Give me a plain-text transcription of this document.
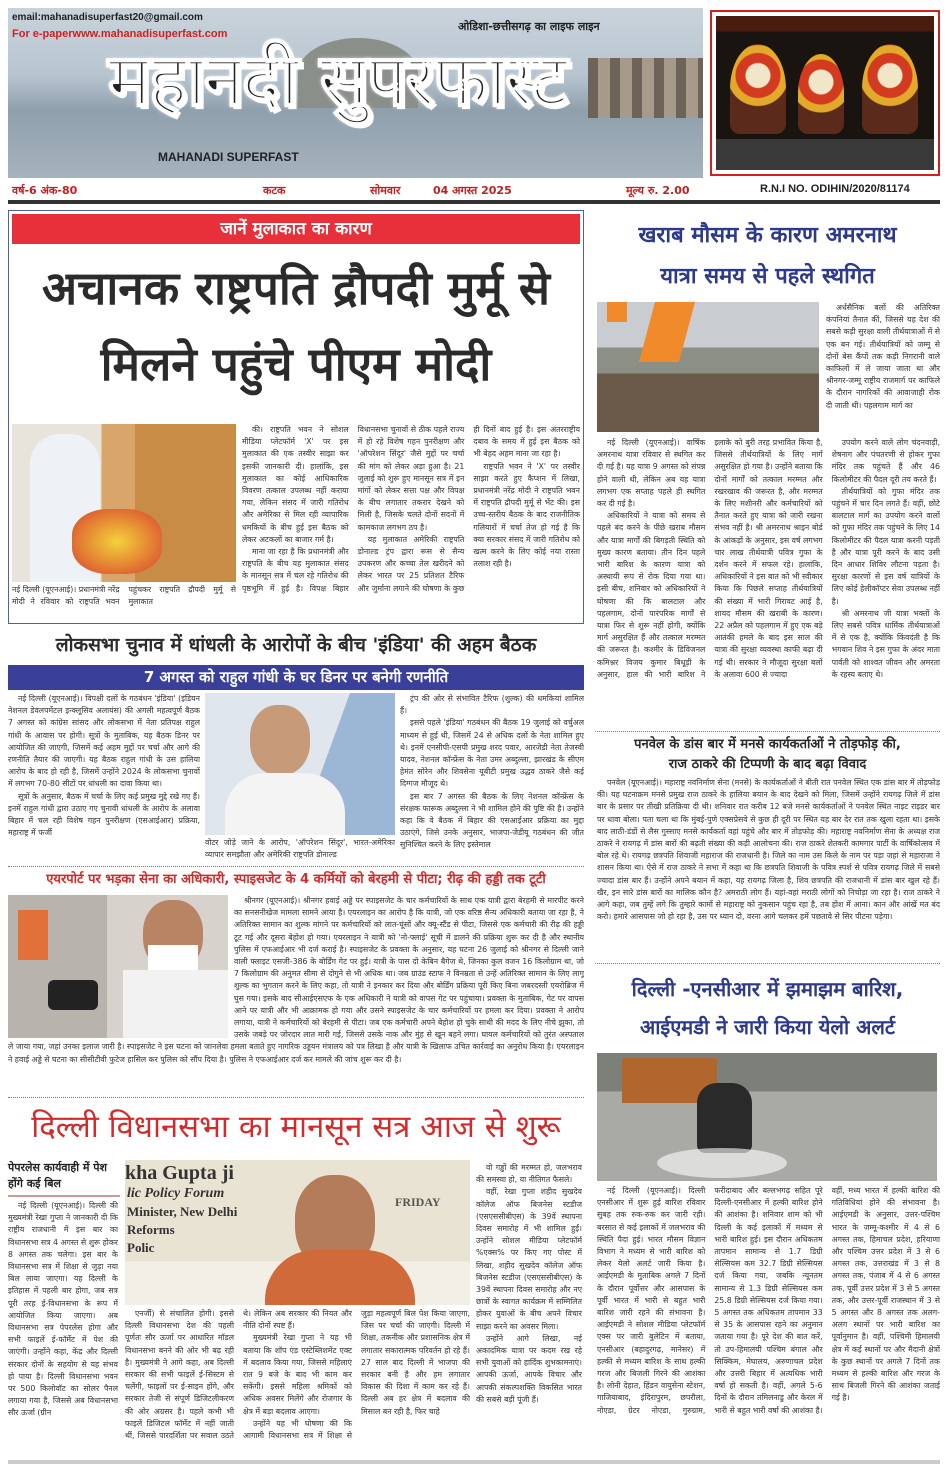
email:mahanadisuperfast20@gmail.com
For e-paperwww.mahanadisuperfast.com
ओडिशा-छत्तीसगढ़ का लाइफ लाइन
महानदी सुपरफास्ट
MAHANADI SUPERFAST
वर्ष-6 अंक-80	कटक	सोमवार	04 अगस्त 2025	मूल्य रु. 2.00	R.N.I NO. ODIHIN/2020/81174
जानें मुलाकात का कारण
अचानक राष्ट्रपति द्रौपदी मुर्मू से
मिलने पहुंचे पीएम मोदी
नई दिल्ली (यूएनआई)। प्रधानमंत्री नरेंद्र मोदी ने रविवार को राष्ट्रपति भवन पहुंचकर राष्ट्रपति द्रौपदी मुर्मू से मुलाकात

की। राष्ट्रपति भवन ने सोशल मीडिया प्लेटफॉर्म 'X' पर इस मुलाकात की एक तस्वीर साझा कर इसकी जानकारी दी। हालांकि, इस मुलाकात का कोई आधिकारिक विवरण तत्काल उपलब्ध नहीं कराया गया, लेकिन संसद में जारी गतिरोध और अमेरिका से मिल रही व्यापारिक धमकियों के बीच हुई इस बैठक को लेकर अटकलों का बाजार गर्म है।

माना जा रहा है कि प्रधानमंत्री और राष्ट्रपति के बीच यह मुलाकात संसद के मानसून सत्र में चल रहे गतिरोध की पृष्ठभूमि में हुई है। विपक्ष बिहार विधानसभा चुनावों से ठीक पहले राज्य में हो रहे विशेष गहन पुनरीक्षण और 'ऑपरेशन सिंदूर' जैसे मुद्दों पर चर्चा की मांग को लेकर अड़ा हुआ है। 21 जुलाई को शुरू हुए मानसून सत्र में इन मांगों को लेकर सत्ता पक्ष और विपक्ष के बीच लगातार तकरार देखने को मिली है, जिसके चलते दोनों सदनों में कामकाज लगभग ठप है।

यह मुलाकात अमेरिकी राष्ट्रपति डोनाल्ड ट्रंप द्वारा रूस से सैन्य उपकरण और कच्चा तेल खरीदने को लेकर भारत पर 25 प्रतिशत टैरिफ और जुर्माना लगाने की घोषणा के कुछ ही दिनों बाद हुई है। इस अंतरराष्ट्रीय दबाव के समय में हुई इस बैठक को भी बेहद अहम माना जा रहा है।

राष्ट्रपति भवन ने 'X' पर तस्वीर साझा करते हुए कैप्शन में लिखा, प्रधानमंत्री नरेंद्र मोदी ने राष्ट्रपति भवन में राष्ट्रपति द्रौपदी मुर्मू से भेंट की। इस उच्च-स्तरीय बैठक के बाद राजनीतिक गलियारों में चर्चा तेज हो गई है कि क्या सरकार संसद में जारी गतिरोध को खत्म करने के लिए कोई नया रास्ता तलाश रही है।

लोकसभा चुनाव में धांधली के आरोपों के बीच 'इंडिया' की अहम बैठक
7 अगस्त को राहुल गांधी के घर डिनर पर बनेगी रणनीति

नई दिल्ली (यूएनआई)। विपक्षी दलों के गठबंधन 'इंडिया' (इंडियन नेशनल डेवलपमेंटल इन्क्लूसिव अलायंस) की अगली महत्वपूर्ण बैठक 7 अगस्त को कांग्रेस सांसद और लोकसभा में नेता प्रतिपक्ष राहुल गांधी के आवास पर होगी। सूत्रों के मुताबिक, यह बैठक डिनर पर आयोजित की जाएगी, जिसमें कई अहम मुद्दों पर चर्चा और आगे की रणनीति तैयार की जाएगी। यह बैठक राहुल गांधी के उस हालिया आरोप के बाद हो रही है, जिसमें उन्होंने 2024 के लोकसभा चुनावों में लगभग 70-80 सीटों पर धांधली का दावा किया था।

सूत्रों के अनुसार, बैठक में चर्चा के लिए कई प्रमुख मुद्दे रखे गए हैं। इनमें राहुल गांधी द्वारा उठाए गए चुनावी धांधली के आरोप के अलावा बिहार में चल रही विशेष गहन पुनरीक्षण (एसआईआर) प्रक्रिया, महाराष्ट्र में फर्जी

वोटर जोड़े जाने के आरोप, 'ऑपरेशन सिंदूर', भारत-अमेरिका व्यापार समझौता और अमेरिकी राष्ट्रपति डोनाल्ड

ट्रंप की ओर से संभावित टैरिफ (शुल्क) की धमकियां शामिल हैं।

इससे पहले 'इंडिया' गठबंधन की बैठक 19 जुलाई को वर्चुअल माध्यम से हुई थी, जिसमें 24 से अधिक दलों के नेता शामिल हुए थे। इनमें एनसीपी-एसपी प्रमुख शरद पवार, आरजेडी नेता तेजस्वी यादव, नेशनल कॉन्फ्रेंस के नेता उमर अब्दुल्ला, झारखंड के सीएम हेमंत सोरेन और शिवसेना यूबीटी प्रमुख उद्धव ठाकरे जैसे कई दिग्गज मौजूद थे।

इस बार 7 अगस्त की बैठक के लिए नेशनल कॉन्फ्रेंस के संरक्षक फारूक अब्दुल्ला ने भी शामिल होने की पुष्टि की है। उन्होंने कहा कि वे बैठक में बिहार की एसआईआर प्रक्रिया का मुद्दा उठाएंगे, जिसे उनके अनुसार, भाजपा-जेडीयू गठबंधन की जीत सुनिश्चित करने के लिए इस्तेमाल

एयरपोर्ट पर भड़का सेना का अधिकारी, स्पाइसजेट के 4 कर्मियों को बेरहमी से पीटा; रीढ़ की हड्डी तक टूटी

श्रीनगर (यूएनआई)। श्रीनगर हवाई अड्डे पर स्पाइसजेट के चार कर्मचारियों के साथ एक यात्री द्वारा बेरहमी से मारपीट करने का सनसनीखेज मामला सामने आया है। एयरलाइन का आरोप है कि यात्री, जो एक वरिष्ठ सैन्य अधिकारी बताया जा रहा है, ने अतिरिक्त सामान का शुल्क मांगने पर कर्मचारियों को लात-घूंसों और क्यू-स्टैंड से पीटा, जिससे एक कर्मचारी की रीढ़ की हड्डी टूट गई और दूसरा बेहोश हो गया। एयरलाइन ने यात्री को 'नो-फ्लाई' सूची में डालने की प्रक्रिया शुरू कर दी है और स्थानीय पुलिस में एफआईआर भी दर्ज कराई है। स्पाइसजेट के प्रवक्ता के अनुसार, यह घटना 26 जुलाई को श्रीनगर से दिल्ली जाने वाली फ्लाइट एसजी-386 के बोर्डिंग गेट पर हुई। यात्री के पास दो केबिन बैगेज थे, जिनका कुल वजन 16 किलोग्राम था, जो 7 किलोग्राम की अनुमत सीमा से दोगुने से भी अधिक था। जब ग्राउंड स्टाफ ने विनम्रता से उन्हें अतिरिक्त सामान के लिए लागू शुल्क का भुगतान करने के लिए कहा, तो यात्री ने इनकार कर दिया और बोर्डिंग प्रक्रिया पूरी किए बिना जबरदस्ती एयरोब्रिज में घुस गया। इसके बाद सीआईएसएफ के एक अधिकारी ने यात्री को वापस गेट पर पहुंचाया। प्रवक्ता के मुताबिक, गेट पर वापस आने पर यात्री और भी आक्रामक हो गया और उसने स्पाइसजेट के चार कर्मचारियों पर हमला कर दिया। प्रवक्ता ने आरोप लगाया, यात्री ने कर्मचारियों को बेरहमी से पीटा। जब एक कर्मचारी अपने बेहोश हो चुके साथी की मदद के लिए नीचे झुका, तो उसके जबड़े पर जोरदार लात मारी गई, जिससे उसके नाक और मुंह से खून बहने लगा। घायल कर्मचारियों को तुरंत अस्पताल ले जाया गया, जहां उनका इलाज जारी है। स्पाइसजेट ने इस घटना को जानलेवा हमला बताते हुए नागरिक उड्डयन मंत्रालय को पत्र लिखा है और यात्री के खिलाफ उचित कार्रवाई का अनुरोध किया है। एयरलाइन ने हवाई अड्डे से घटना का सीसीटीवी फुटेज हासिल कर पुलिस को सौंप दिया है। पुलिस ने एफआईआर दर्ज कर मामले की जांच शुरू कर दी है।

दिल्ली विधानसभा का मानसून सत्र आज से शुरू
पेपरलेस कार्यवाही में पेश होंगे कई बिल

नई दिल्ली (यूएनआई)। दिल्ली की मुख्यमंत्री रेखा गुप्ता ने जानकारी दी कि राष्ट्रीय राजधानी में इस बार का विधानसभा सत्र 4 अगस्त से शुरू होकर 8 अगस्त तक चलेगा। इस बार के विधानसभा सत्र में शिक्षा से जुड़ा नया बिल लाया जाएगा। यह दिल्ली के इतिहास में पहली बार होगा, जब सत्र पूरी तरह ई-विधानसभा के रूप में आयोजित किया जाएगा। अब विधानसभा सत्र पेपरलेस होगा और सभी फाइलें ई-फॉर्मेट में पेश की जाएंगी। उन्होंने कहा, केंद्र और दिल्ली सरकार दोनों के सहयोग से यह संभव हो पाया है। दिल्ली विधानसभा भवन पर 500 किलोवॉट का सोलर पैनल लगाया गया है, जिससे अब विधानसभा सौर ऊर्जा (ग्रीन

kha Gupta ji
lic Policy Forum
Minister, New Delhi
Reforms
Polic
FRIDAY

एनर्जी) से संचालित होगी। इससे दिल्ली विधानसभा देश की पहली पूर्णतः सौर ऊर्जा पर आधारित मॉडल विधानसभा बनने की ओर भी बढ़ रही है। मुख्यमंत्री ने आगे कहा, अब दिल्ली सरकार की सभी फाइलें ई-सिस्टम से चलेंगी, फाइलों पर ई-साइन होंगे, और सरकार तेजी से संपूर्ण डिजिटलीकरण की ओर अग्रसर है। पहले कभी भी फाइलें डिजिटल फॉर्मेट में नहीं जाती थीं, जिससे पारदर्शिता पर सवाल उठते थे। लेकिन अब सरकार की नियत और नीति दोनों स्पष्ट हैं।

मुख्यमंत्री रेखा गुप्ता ने यह भी बताया कि शॉप एंड एस्टेब्लिशमेंट एक्ट में बदलाव किया गया, जिससे महिलाएं रात 9 बजे के बाद भी काम कर सकेंगी। इससे महिला श्रमिकों को अधिक अवसर मिलेंगे और रोजगार के क्षेत्र में बड़ा बदलाव आएगा।

उन्होंने यह भी घोषणा की कि आगामी विधानसभा सत्र में शिक्षा से जुड़ा महत्वपूर्ण बिल पेश किया जाएगा, जिस पर चर्चा की जाएगी। दिल्ली में शिक्षा, तकनीक और प्रशासनिक क्षेत्र में लगातार सकारात्मक परिवर्तन हो रहे हैं। 27 साल बाद दिल्ली में भाजपा की सरकार बनी है और हम लगातार विकास की दिशा में काम कर रहे हैं। दिल्ली अब हर क्षेत्र में बदलाव की मिसाल बन रही है, फिर चाहे

वो गड्ढों की मरम्मत हो, जलभराव की समस्या हो, या नीतिगत फैसले।

वहीं, रेखा गुप्ता शहीद सुखदेव कॉलेज ऑफ बिजनेस स्टडीज (एसएससीबीएस) के 39वें स्थापना दिवस समारोह में भी शामिल हुईं। उन्होंने सोशल मीडिया प्लेटफॉर्म %एक्स% पर किए गए पोस्ट में लिखा, शहीद सुखदेव कॉलेज ऑफ बिजनेस स्टडीज (एसएससीबीएस) के 39वें स्थापना दिवस समारोह और नए छात्रों के स्वागत कार्यक्रम में सम्मिलित होकर युवाओं के बीच अपने विचार साझा करने का अवसर मिला।

उन्होंने आगे लिखा, नई अकादमिक यात्रा पर कदम रख रहे सभी युवाओं को हार्दिक शुभकामनाएं। आपकी ऊर्जा, आपके विचार और आपकी संकल्पशक्ति विकसित भारत की सबसे बड़ी पूंजी हैं।

खराब मौसम के कारण अमरनाथ
यात्रा समय से पहले स्थगित

अर्धसैनिक बलों की अतिरिक्त कंपनियां तैनात कीं, जिससे यह देश की सबसे कड़ी सुरक्षा वाली तीर्थयात्राओं में से एक बन गई। तीर्थयात्रियों को जम्मू से दोनों बेस कैंपों तक कड़ी निगरानी वाले काफिलों में ले जाया जाता था और श्रीनगर-जम्मू राष्ट्रीय राजमार्ग पर काफिले के दौरान नागरिकों की आवाजाही रोक दी जाती थी। पहलगाम मार्ग का

नई दिल्ली (यूएनआई)। वार्षिक अमरनाथ यात्रा रविवार से स्थगित कर दी गई है। यह यात्रा 9 अगस्त को संपन्न होने वाली थी, लेकिन अब यह यात्रा लगभग एक सप्ताह पहले ही स्थगित कर दी गई है।

अधिकारियों ने यात्रा को समय से पहले बंद करने के पीछे खराब मौसम और यात्रा मार्गों की बिगड़ती स्थिति को मुख्य कारण बताया। तीन दिन पहले भारी बारिश के कारण यात्रा को अस्थायी रूप से रोक दिया गया था। इसी बीच, शनिवार को अधिकारियों ने घोषणा की कि बालटाल और पहलगाम, दोनों पारंपरिक मार्गों से यात्रा फिर से शुरू नहीं होगी, क्योंकि मार्ग असुरक्षित हैं और तत्काल मरम्मत की जरूरत है। कश्मीर के डिविजनल कमिश्नर विजय कुमार बिधूड़ी के अनुसार, हाल की भारी बारिश ने इलाके को बुरी तरह प्रभावित किया है, जिससे तीर्थयात्रियों के लिए मार्ग असुरक्षित हो गया है। उन्होंने बताया कि दोनों मार्गों को तत्काल मरम्मत और रखरखाव की जरूरत है, और मरम्मत के लिए मशीनरी और कर्मचारियों को तैनात करते हुए यात्रा को जारी रखना संभव नहीं है। श्री अमरनाथ श्राइन बोर्ड के आंकड़ों के अनुसार, इस वर्ष लगभग चार लाख तीर्थयात्री पवित्र गुफा के दर्शन करने में सफल रहे। हालांकि, अधिकारियों ने इस बात को भी स्वीकार किया कि पिछले सप्ताह तीर्थयात्रियों की संख्या में भारी गिरावट आई है, शायद मौसम की खराबी के कारण। 22 अप्रैल को पहलगाम में हुए एक बड़े आतंकी हमले के बाद इस साल की यात्रा की सुरक्षा व्यवस्था काफी बढ़ा दी गई थी। सरकार ने मौजूदा सुरक्षा बलों के अलावा 600 से ज्यादा

उपयोग करने वाले लोग चंदनवाड़ी, शेषनाग और पंचतरणी से होकर गुफा मंदिर तक पहुंचते हैं और 46 किलोमीटर की पैदल दूरी तय करते हैं।

तीर्थयात्रियों को गुफा मंदिर तक पहुंचने में चार दिन लगते हैं। वहीं, छोटे बालटाल मार्ग का उपयोग करने वालों को गुफा मंदिर तक पहुंचने के लिए 14 किलोमीटर की पैदल यात्रा करनी पड़ती है और यात्रा पूरी करने के बाद उसी दिन आधार शिविर लौटना पड़ता है। सुरक्षा कारणों से इस वर्ष यात्रियों के लिए कोई हेलीकॉप्टर सेवा उपलब्ध नहीं है।

श्री अमरनाथ जी यात्रा भक्तों के लिए सबसे पवित्र धार्मिक तीर्थयात्राओं में से एक है, क्योंकि किंवदंती है कि भगवान शिव ने इस गुफा के अंदर माता पार्वती को शाश्वत जीवन और अमरता के रहस्य बताए थे।

पनवेल के डांस बार में मनसे कार्यकर्ताओं ने तोड़फोड़ की,
राज ठाकरे की टिप्पणी के बाद बढ़ा विवाद

पनवेल (यूएनआई)। महाराष्ट्र नवनिर्माण सेना (मनसे) के कार्यकर्ताओं ने बीती रात पनवेल स्थित एक डांस बार में तोड़फोड़ की। यह घटनाक्रम मनसे प्रमुख राज ठाकरे के हालिया बयान के बाद देखने को मिला, जिसमें उन्होंने रायगढ़ जिले में डांस बार के प्रसार पर तीखी प्रतिक्रिया दी थी। शनिवार रात करीब 12 बजे मनसे कार्यकर्ताओं ने पनवेल स्थित नाइट राइडर बार पर धावा बोला। पता चला था कि मुंबई-पुणे एक्सप्रेसवे से कुछ ही दूरी पर स्थित यह बार देर रात तक खुला रहता था। इसके बाद लाठी-डंडों से लैस गुस्साए मनसे कार्यकर्ता वहां पहुंचे और बार में तोड़फोड़ की। महाराष्ट्र नवनिर्माण सेना के अध्यक्ष राज ठाकरे ने रायगढ़ में डांस बारों की बढ़ती संख्या की कड़ी आलोचना की। राज ठाकरे शेतकरी कामगार पार्टी के वार्षिकोत्सव में बोल रहे थे। रायगढ़ छत्रपति शिवाजी महाराज की राजधानी है। जिले का नाम उस किले के नाम पर पड़ा जहां से महाराजा ने शासन किया था। ऐसे में राज ठाकरे ने सभा में कहा था कि छत्रपति शिवाजी के पवित्र स्पर्श से पवित्र रायगढ़ जिले में सबसे ज्यादा डांस बार हैं। उन्होंने अपने बयान में कहा, यह रायगढ़ जिला है, शिव छत्रपति की राजधानी में डांस बार खुल रहे हैं। खैर, इन सारे डांस बारों का मालिक कौन है? अमराठी लोग हैं। यहां-वहां मराठी लोगों को निचोड़ा जा रहा है। राज ठाकरे ने आगे कहा, जब तुम्हें लगे कि तुम्हारे कामों से महाराष्ट्र को नुकसान पहुंच रहा है, तब होश में आना। कान और आंखें मत बंद करो। हमारे आसपास जो हो रहा है, उस पर ध्यान दो, वरना आगे चलकर हमें पछतावे से सिर पीटना पड़ेगा।

दिल्ली -एनसीआर में झमाझम बारिश,
आईएमडी ने जारी किया येलो अलर्ट

नई दिल्ली (यूएनआई)। दिल्ली एनसीआर में शुरू हुई बारिश रविवार सुबह तक रुक-रुक कर जारी रही। बरसात से कई इलाकों में जलभराव की स्थिति पैदा हुई। भारत मौसम विज्ञान विभाग ने मध्यम से भारी बारिश को लेकर येलो अलर्ट जारी किया है। आईएमडी के मुताबिक अगले 7 दिनों के दौरान पूर्वोत्तर और आसपास के पूर्वी भारत में भारी से बहुत भारी बारिश जारी रहने की संभावना है। आईएमडी ने सोशल मीडिया प्लेटफॉर्म एक्स पर जारी बुलेटिन में बताया, एनसीआर (बहादुरगढ़, मानेसर) में हल्की से मध्यम बारिश के साथ हल्की गरज और बिजली गिरने की आशंका है। लोनी देहात, हिंडन वायुसेना स्टेशन, गाजियाबाद, इंदिरापुरम, छपरौला, नोएडा, ग्रेटर नोएडा, गुरुग्राम, फरीदाबाद और बल्लभगढ़ सहित पूरे दिल्ली-एनसीआर में हल्की बारिश होने की आशंका है। शनिवार शाम को भी दिल्ली के कई इलाकों में मध्यम से भारी बारिश हुई। इस दौरान अधिकतम तापमान सामान्य से 1.7 डिग्री सेल्सियस कम 32.7 डिग्री सेल्सियस दर्ज किया गया, जबकि न्यूनतम सामान्य से 1.3 डिग्री सेल्सियस कम 25.8 डिग्री सेल्सियस दर्ज किया गया। 5 अगस्त तक अधिकतम तापमान 33 से 35 के आसपास रहने का अनुमान जताया गया है। पूरे देश की बात करें, तो उप-हिमालयी पश्चिम बंगाल और सिक्किम, मेघालय, अरुणाचल प्रदेश और उत्तरी बिहार में अत्यधिक भारी वर्षा हो सकती है। वहीं, अगले 5-6 दिनों के दौरान तमिलनाडु और केरल में भारी से बहुत भारी वर्षा की आशंका है। वहीं, मध्य भारत में हल्की बारिश की गतिविधियां होने की संभावना है। आईएमडी के अनुसार, उत्तर-पश्चिम भारत के जम्मू-कश्मीर में 4 से 6 अगस्त तक, हिमाचल प्रदेश, हरियाणा और पश्चिम उत्तर प्रदेश में 3 से 6 अगस्त तक, उत्तराखंड में 3 से 8 अगस्त तक, पंजाब में 4 से 6 अगस्त तक, पूर्वी उत्तर प्रदेश में 3 से 5 अगस्त तक, और उत्तर-पूर्वी राजस्थान में 3 से 5 अगस्त और 8 अगस्त तक अलग-अलग स्थानों पर भारी बारिश का पूर्वानुमान है। वहीं, पश्चिमी हिमालयी क्षेत्र में कई स्थानों पर और मैदानी क्षेत्रों के कुछ स्थानों पर अगले 7 दिनों तक मध्यम से हल्की बारिश और गरज के साथ बिजली गिरने की आशंका जताई गई है।
